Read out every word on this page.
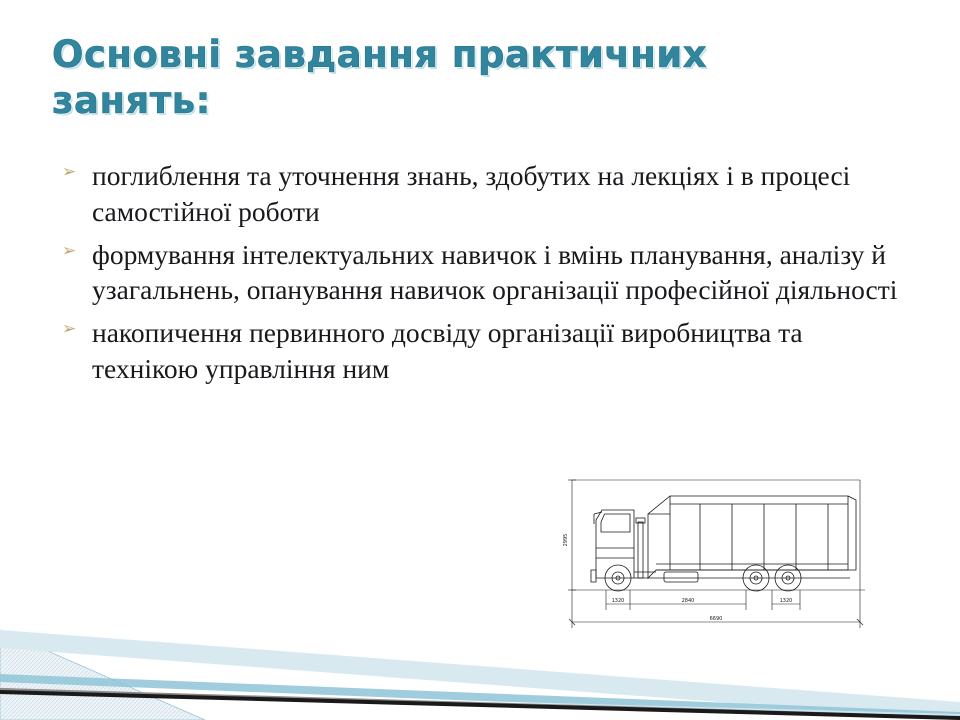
Основні завдання практичних занять:
➢ поглиблення та уточнення знань, здобутих на лекціях і в процесі самостійної роботи
➢ формування інтелектуальних навичок і вмінь планування, аналізу й узагальнень, опанування навичок організації професійної діяльності
➢ накопичення первинного досвіду організації виробництва та технікою управління ним
2995
1320	2840	1320
6690
